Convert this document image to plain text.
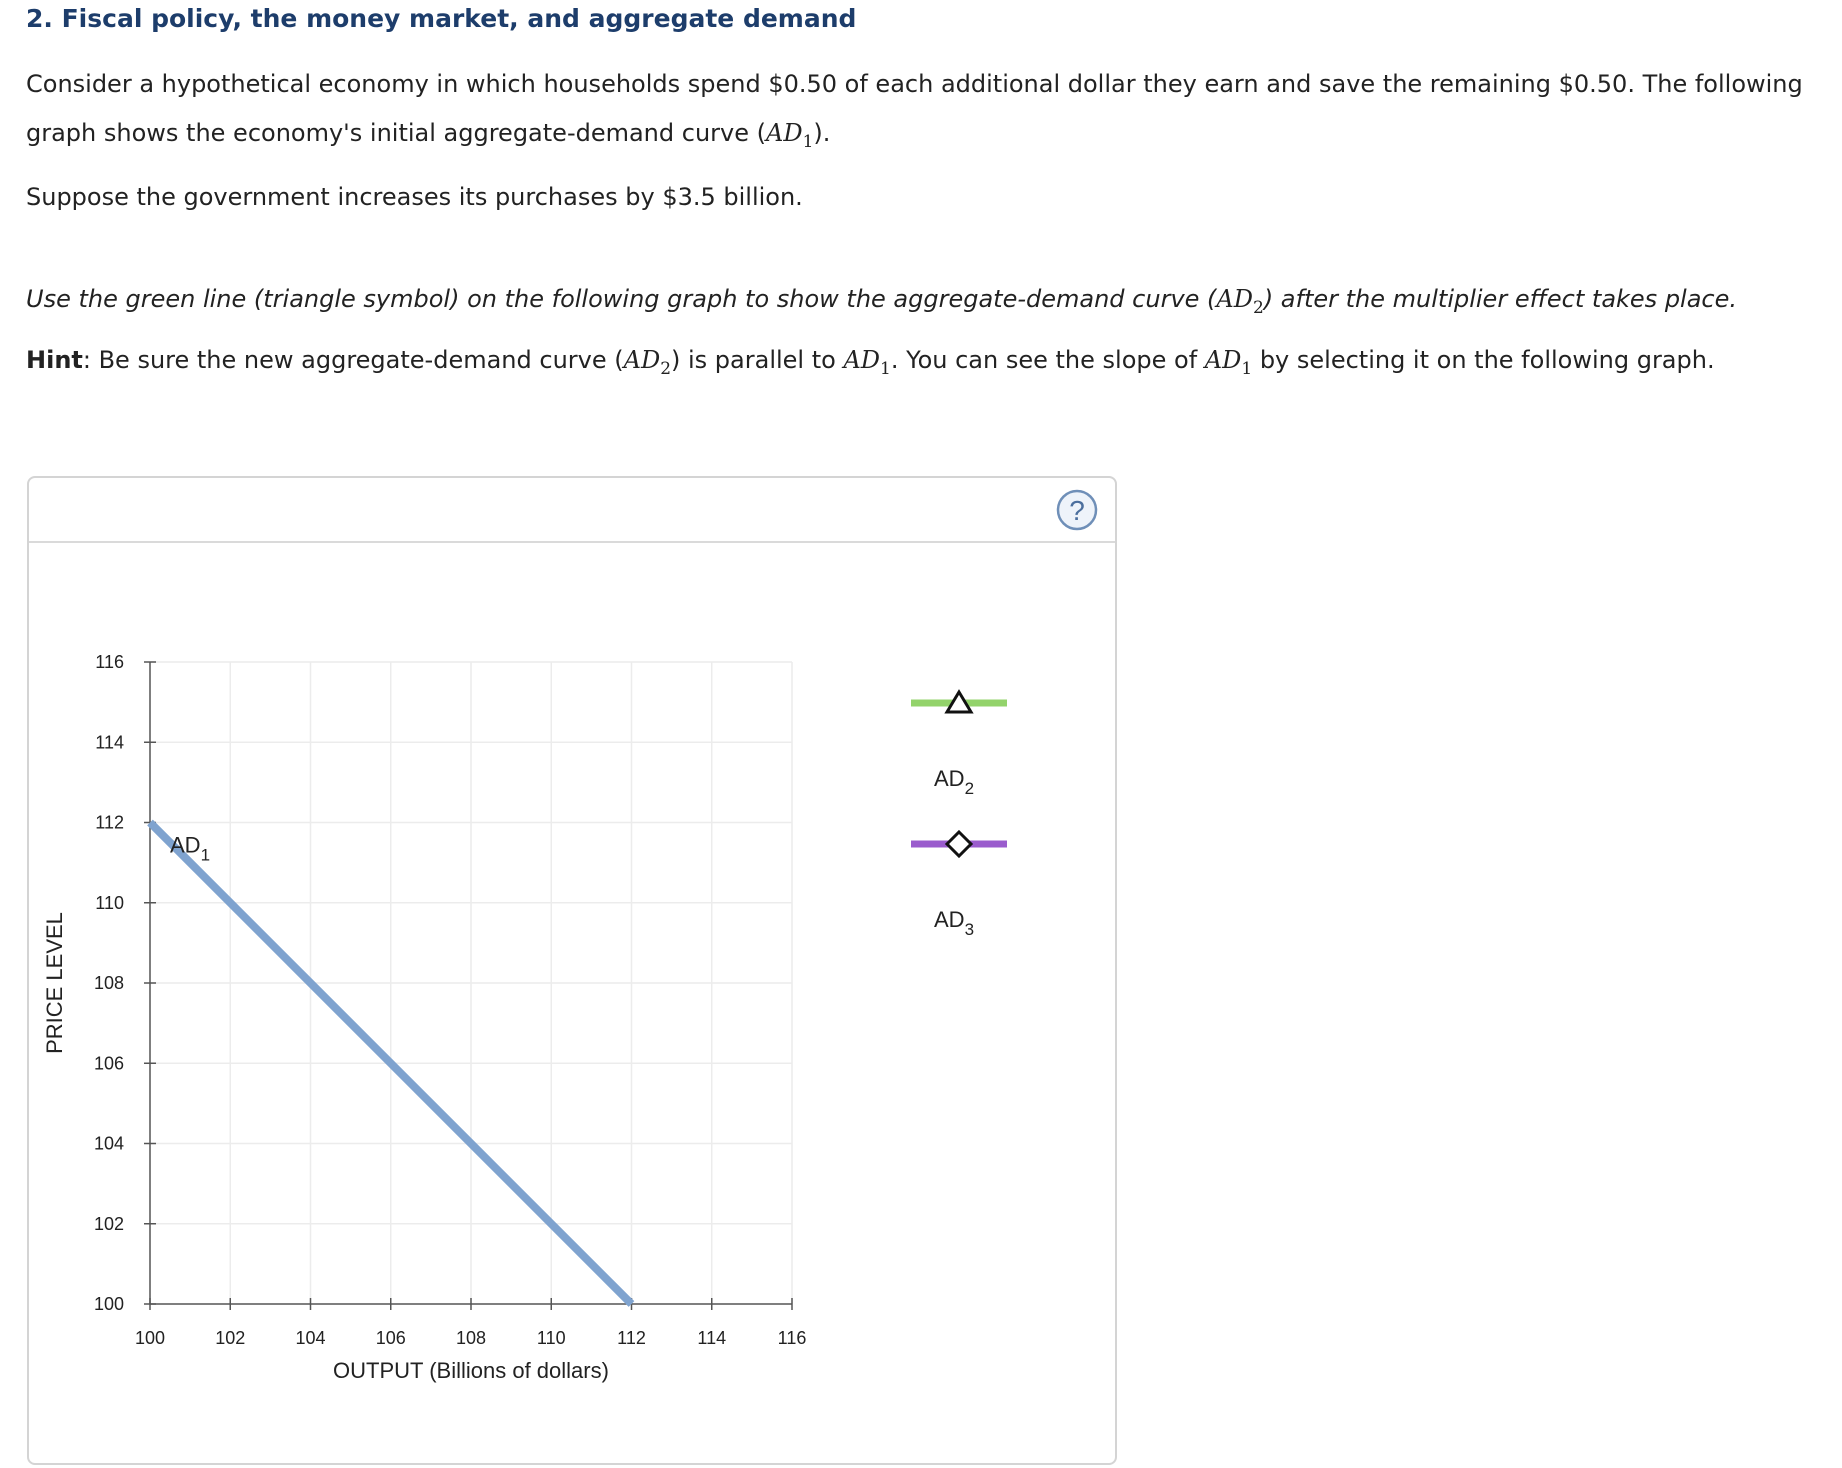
2. Fiscal policy, the money market, and aggregate demand
Consider a hypothetical economy in which households spend $0.50 of each additional dollar they earn and save the remaining $0.50. The following
graph shows the economy's initial aggregate-demand curve $(AD_1)$.
Suppose the government increases its purchases by $3.5 billion.
Use the green line (triangle symbol) on the following graph to show the aggregate-demand curve $(AD_2)$ after the multiplier effect takes place.
Hint: Be sure the new aggregate-demand curve $(AD_2)$ is parallel to $AD_1$. You can see the slope of $AD_1$ by selecting it on the following graph.
?
100
102
104
106
108
110
112
114
116
100	102	104	106	108	110	112	114	116
OUTPUT (Billions of dollars)
PRICE LEVEL
$AD_1$
$AD_2$
$AD_3$
